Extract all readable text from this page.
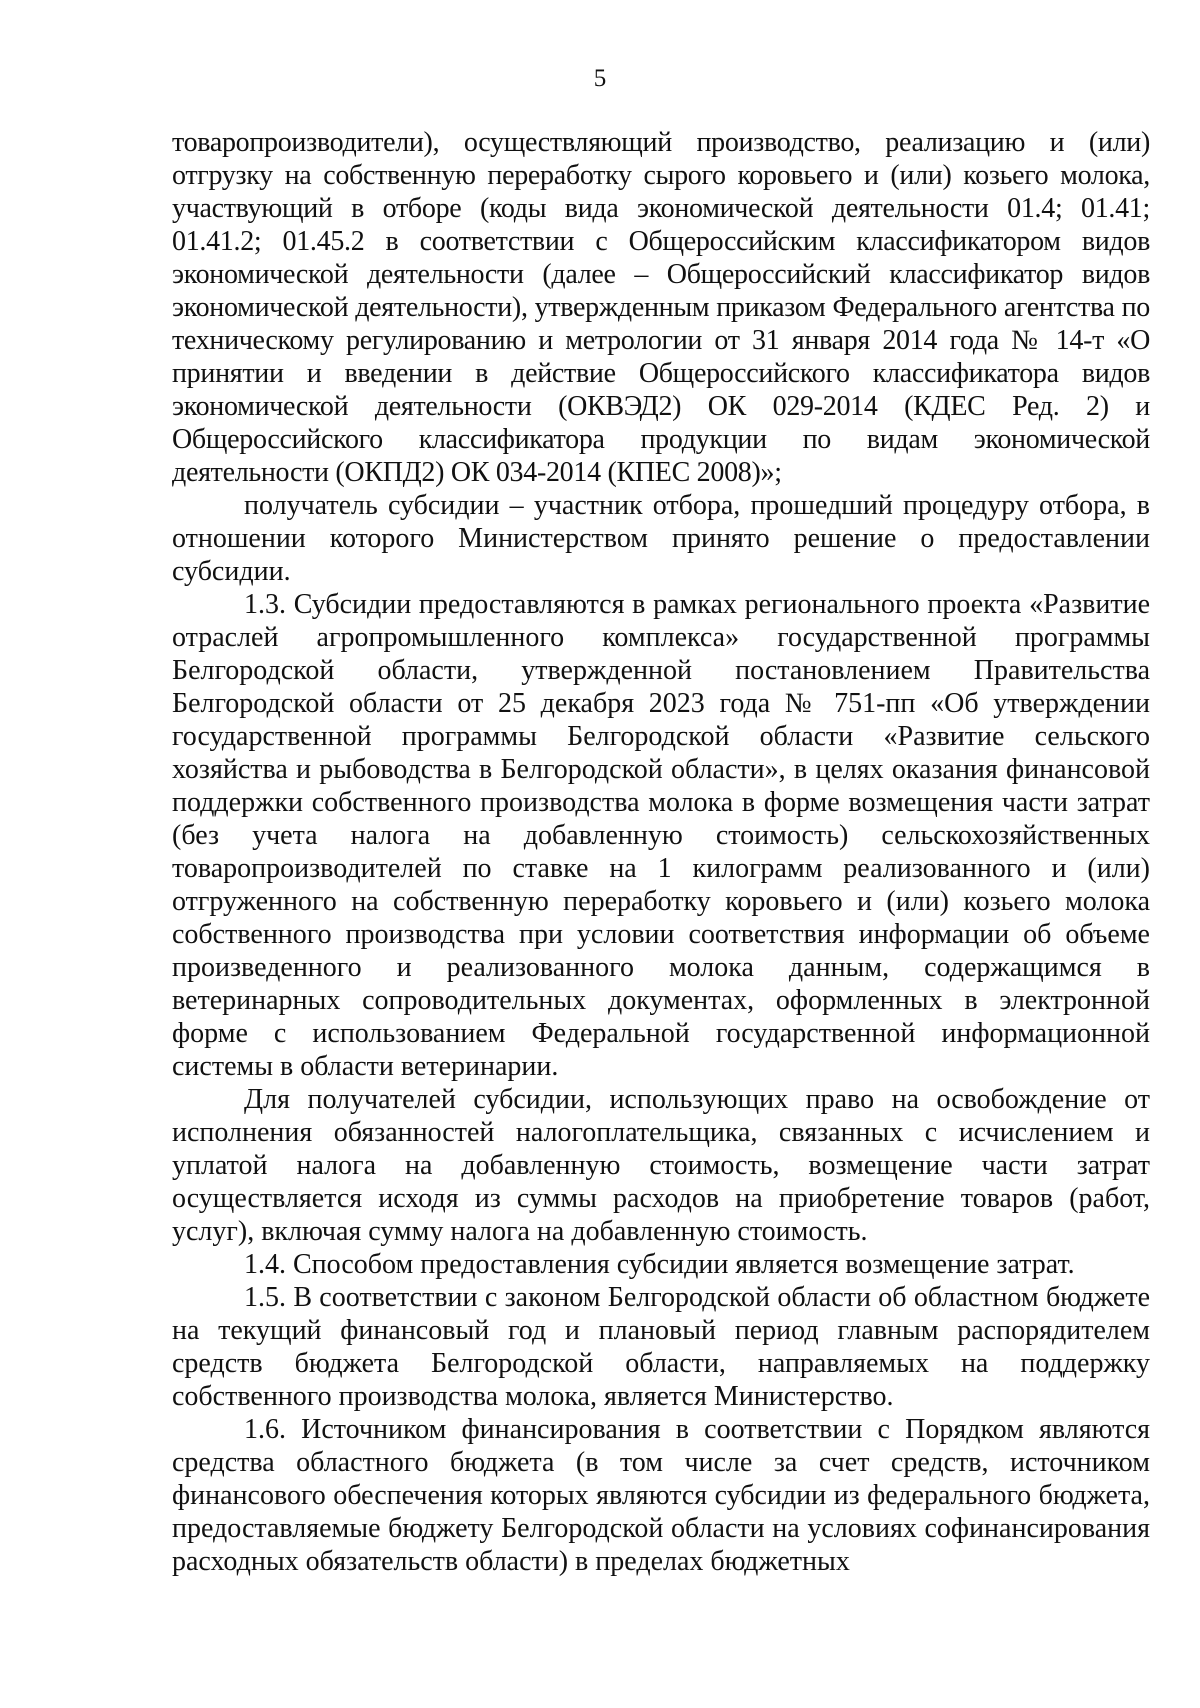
5

товаропроизводители), осуществляющий производство, реализацию и (или) отгрузку на собственную переработку сырого коровьего и (или) козьего молока, участвующий в отборе (коды вида экономической деятельности 01.4; 01.41; 01.41.2; 01.45.2 в соответствии с Общероссийским классификатором видов экономической деятельности (далее – Общероссийский классификатор видов экономической деятельности), утвержденным приказом Федерального агентства по техническому регулированию и метрологии от 31 января 2014 года № 14-т «О принятии и введении в действие Общероссийского классификатора видов экономической деятельности (ОКВЭД2) ОК 029-2014 (КДЕС Ред. 2) и Общероссийского классификатора продукции по видам экономической деятельности (ОКПД2) ОК 034-2014 (КПЕС 2008)»;

получатель субсидии – участник отбора, прошедший процедуру отбора, в отношении которого Министерством принято решение о предоставлении субсидии.

1.3. Субсидии предоставляются в рамках регионального проекта «Развитие отраслей агропромышленного комплекса» государственной программы Белгородской области, утвержденной постановлением Правительства Белгородской области от 25 декабря 2023 года № 751-пп «Об утверждении государственной программы Белгородской области «Развитие сельского хозяйства и рыбоводства в Белгородской области», в целях оказания финансовой поддержки собственного производства молока в форме возмещения части затрат (без учета налога на добавленную стоимость) сельскохозяйственных товаропроизводителей по ставке на 1 килограмм реализованного и (или) отгруженного на собственную переработку коровьего и (или) козьего молока собственного производства при условии соответствия информации об объеме произведенного и реализованного молока данным, содержащимся в ветеринарных сопроводительных документах, оформленных в электронной форме с использованием Федеральной государственной информационной системы в области ветеринарии.

Для получателей субсидии, использующих право на освобождение от исполнения обязанностей налогоплательщика, связанных с исчислением и уплатой налога на добавленную стоимость, возмещение части затрат осуществляется исходя из суммы расходов на приобретение товаров (работ, услуг), включая сумму налога на добавленную стоимость.

1.4. Способом предоставления субсидии является возмещение затрат.

1.5. В соответствии с законом Белгородской области об областном бюджете на текущий финансовый год и плановый период главным распорядителем средств бюджета Белгородской области, направляемых на поддержку собственного производства молока, является Министерство.

1.6. Источником финансирования в соответствии с Порядком являются средства областного бюджета (в том числе за счет средств, источником финансового обеспечения которых являются субсидии из федерального бюджета, предоставляемые бюджету Белгородской области на условиях софинансирования расходных обязательств области) в пределах бюджетных
